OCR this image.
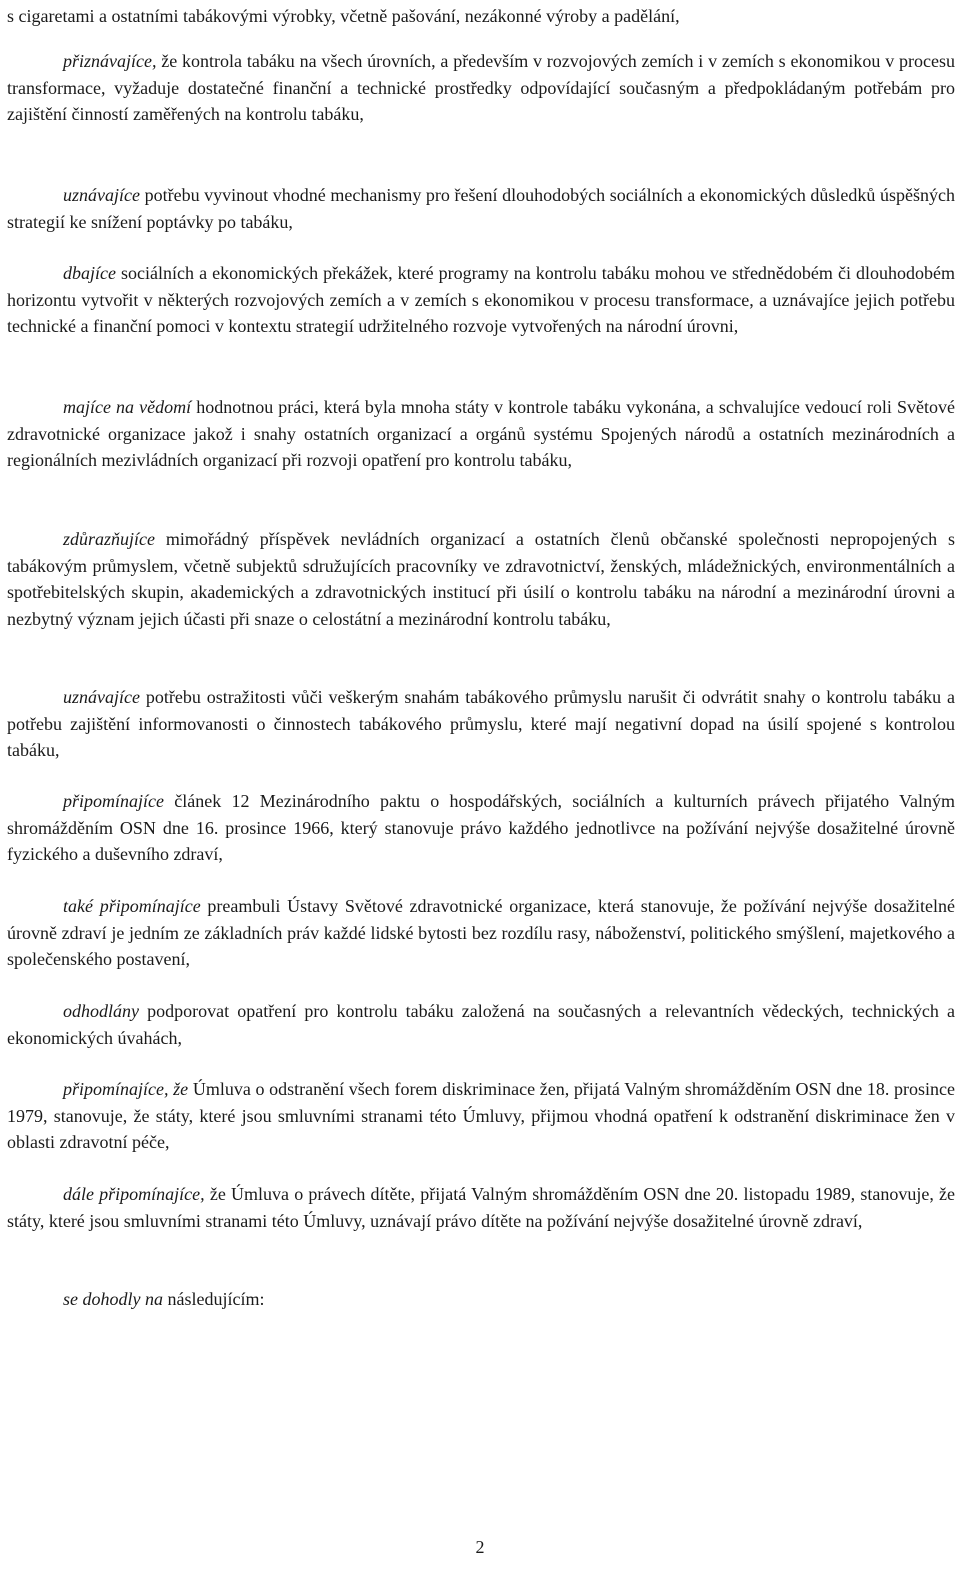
s cigaretami a ostatními tabákovými výrobky, včetně pašování, nezákonné výroby a padělání,

přiznávajíce, že kontrola tabáku na všech úrovních, a především v rozvojových zemích i v zemích s ekonomikou v procesu transformace, vyžaduje dostatečné finanční a technické prostředky odpovídající současným a předpokládaným potřebám pro zajištění činností zaměřených na kontrolu tabáku,

uznávajíce potřebu vyvinout vhodné mechanismy pro řešení dlouhodobých sociálních a ekonomických důsledků úspěšných strategií ke snížení poptávky po tabáku,

dbajíce sociálních a ekonomických překážek, které programy na kontrolu tabáku mohou ve střednědobém či dlouhodobém horizontu vytvořit v některých rozvojových zemích a v zemích s ekonomikou v procesu transformace, a uznávajíce jejich potřebu technické a finanční pomoci v kontextu strategií udržitelného rozvoje vytvořených na národní úrovni,

majíce na vědomí hodnotnou práci, která byla mnoha státy v kontrole tabáku vykonána, a schvalujíce vedoucí roli Světové zdravotnické organizace jakož i snahy ostatních organizací a orgánů systému Spojených národů a ostatních mezinárodních a regionálních mezivládních organizací při rozvoji opatření pro kontrolu tabáku,

zdůrazňujíce mimořádný příspěvek nevládních organizací a ostatních členů občanské společnosti nepropojených s tabákovým průmyslem, včetně subjektů sdružujících pracovníky ve zdravotnictví, ženských, mládežnických, environmentálních a spotřebitelských skupin, akademických a zdravotnických institucí při úsilí o kontrolu tabáku na národní a mezinárodní úrovni a nezbytný význam jejich účasti při snaze o celostátní a mezinárodní kontrolu tabáku,

uznávajíce potřebu ostražitosti vůči veškerým snahám tabákového průmyslu narušit či odvrátit snahy o kontrolu tabáku a potřebu zajištění informovanosti o činnostech tabákového průmyslu, které mají negativní dopad na úsilí spojené s kontrolou tabáku,

připomínajíce článek 12 Mezinárodního paktu o hospodářských, sociálních a kulturních právech přijatého Valným shromážděním OSN dne 16. prosince 1966, který stanovuje právo každého jednotlivce na požívání nejvýše dosažitelné úrovně fyzického a duševního zdraví,

také připomínajíce preambuli Ústavy Světové zdravotnické organizace, která stanovuje, že požívání nejvýše dosažitelné úrovně zdraví je jedním ze základních práv každé lidské bytosti bez rozdílu rasy, náboženství, politického smýšlení, majetkového a společenského postavení,

odhodlány podporovat opatření pro kontrolu tabáku založená na současných a relevantních vědeckých, technických a ekonomických úvahách,

připomínajíce, že Úmluva o odstranění všech forem diskriminace žen, přijatá Valným shromážděním OSN dne 18. prosince 1979, stanovuje, že státy, které jsou smluvními stranami této Úmluvy, přijmou vhodná opatření k odstranění diskriminace žen v oblasti zdravotní péče,

dále připomínajíce, že Úmluva o právech dítěte, přijatá Valným shromážděním OSN dne 20. listopadu 1989, stanovuje, že státy, které jsou smluvními stranami této Úmluvy, uznávají právo dítěte na požívání nejvýše dosažitelné úrovně zdraví,

se dohodly na následujícím:

2
